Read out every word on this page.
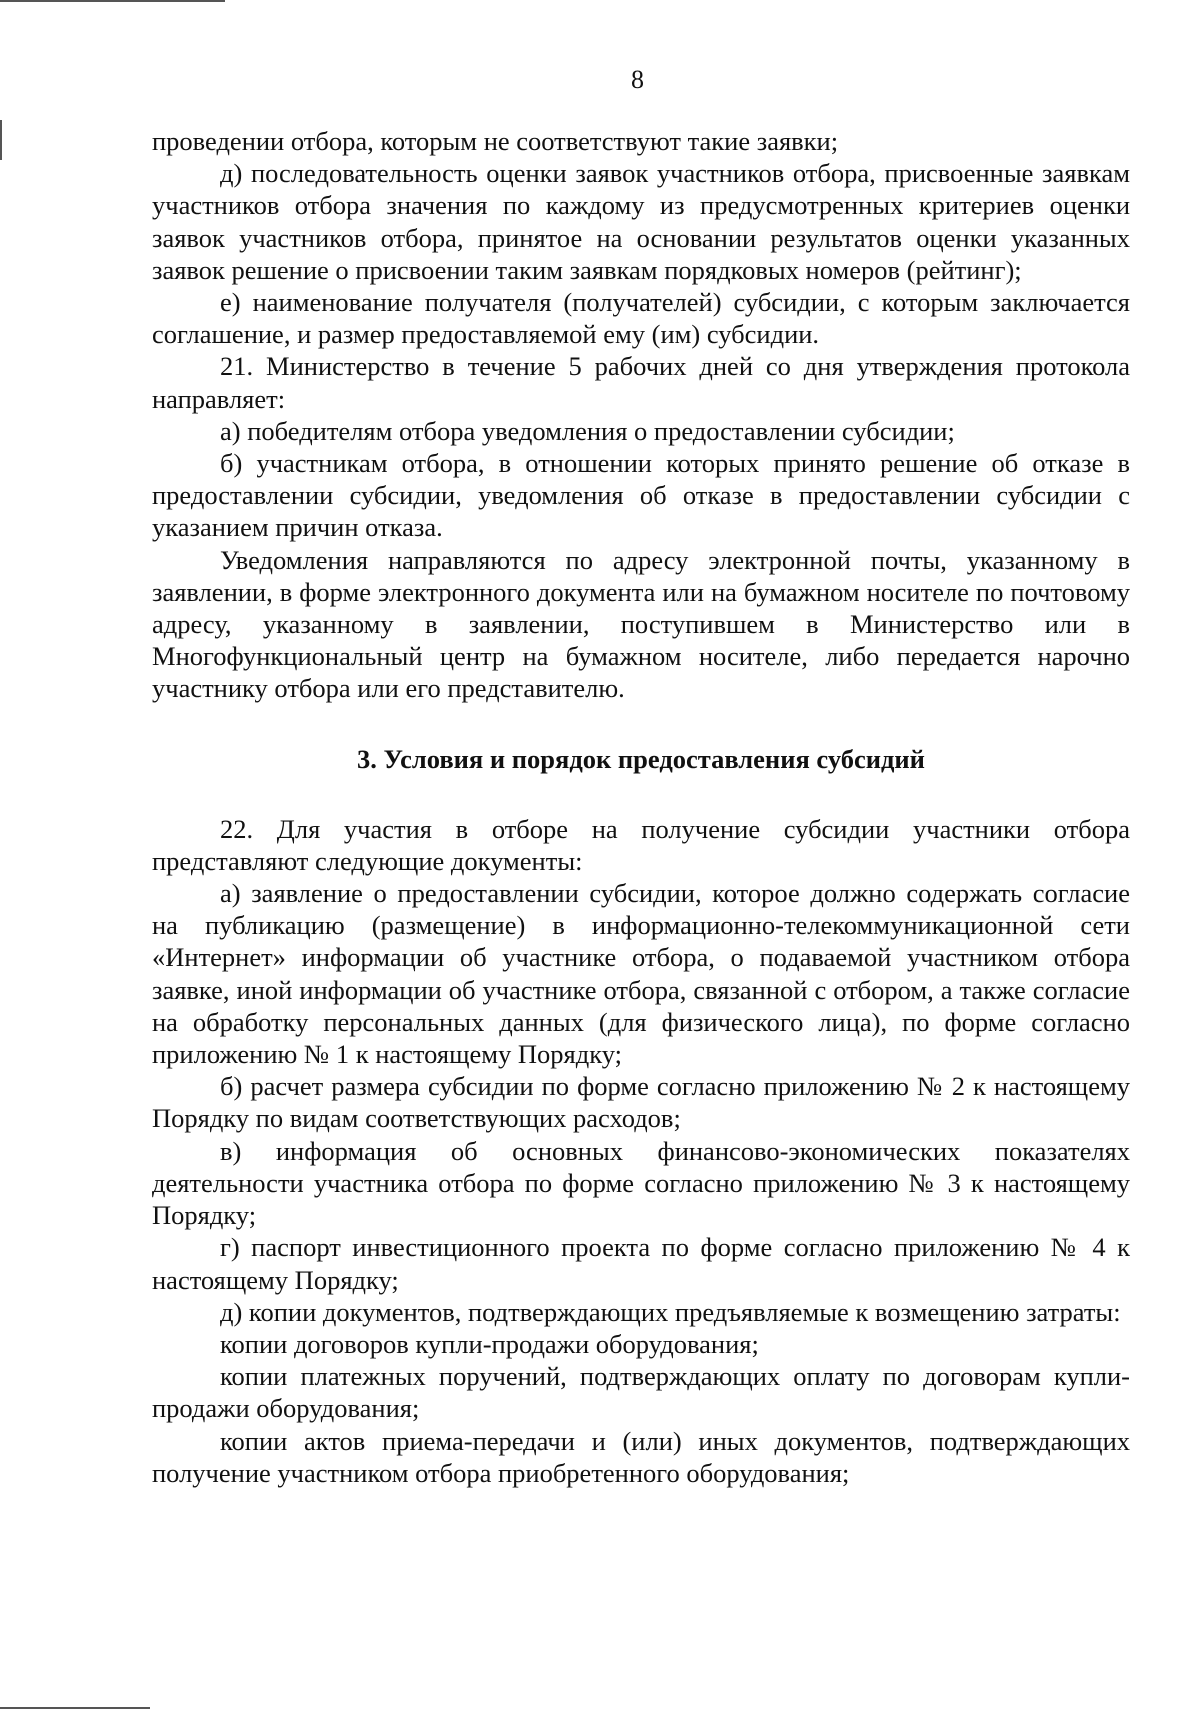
8

проведении отбора, которым не соответствуют такие заявки;

д) последовательность оценки заявок участников отбора, присвоенные заявкам участников отбора значения по каждому из предусмотренных критериев оценки заявок участников отбора, принятое на основании результатов оценки указанных заявок решение о присвоении таким заявкам порядковых номеров (рейтинг);

е) наименование получателя (получателей) субсидии, с которым заключается соглашение, и размер предоставляемой ему (им) субсидии.

21. Министерство в течение 5 рабочих дней со дня утверждения протокола направляет:

а) победителям отбора уведомления о предоставлении субсидии;

б) участникам отбора, в отношении которых принято решение об отказе в предоставлении субсидии, уведомления об отказе в предоставлении субсидии с указанием причин отказа.

Уведомления направляются по адресу электронной почты, указанному в заявлении, в форме электронного документа или на бумажном носителе по почтовому адресу, указанному в заявлении, поступившем в Министерство или в Многофункциональный центр на бумажном носителе, либо передается нарочно участнику отбора или его представителю.

3. Условия и порядок предоставления субсидий

22. Для участия в отборе на получение субсидии участники отбора представляют следующие документы:

а) заявление о предоставлении субсидии, которое должно содержать согласие на публикацию (размещение) в информационно-телекоммуникационной сети «Интернет» информации об участнике отбора, о подаваемой участником отбора заявке, иной информации об участнике отбора, связанной с отбором, а также согласие на обработку персональных данных (для физического лица), по форме согласно приложению № 1 к настоящему Порядку;

б) расчет размера субсидии по форме согласно приложению № 2 к настоящему Порядку по видам соответствующих расходов;

в) информация об основных финансово-экономических показателях деятельности участника отбора по форме согласно приложению № 3 к настоящему Порядку;

г) паспорт инвестиционного проекта по форме согласно приложению № 4 к настоящему Порядку;

д) копии документов, подтверждающих предъявляемые к возмещению затраты:

копии договоров купли-продажи оборудования;

копии платежных поручений, подтверждающих оплату по договорам купли-продажи оборудования;

копии актов приема-передачи и (или) иных документов, подтверждающих получение участником отбора приобретенного оборудования;
